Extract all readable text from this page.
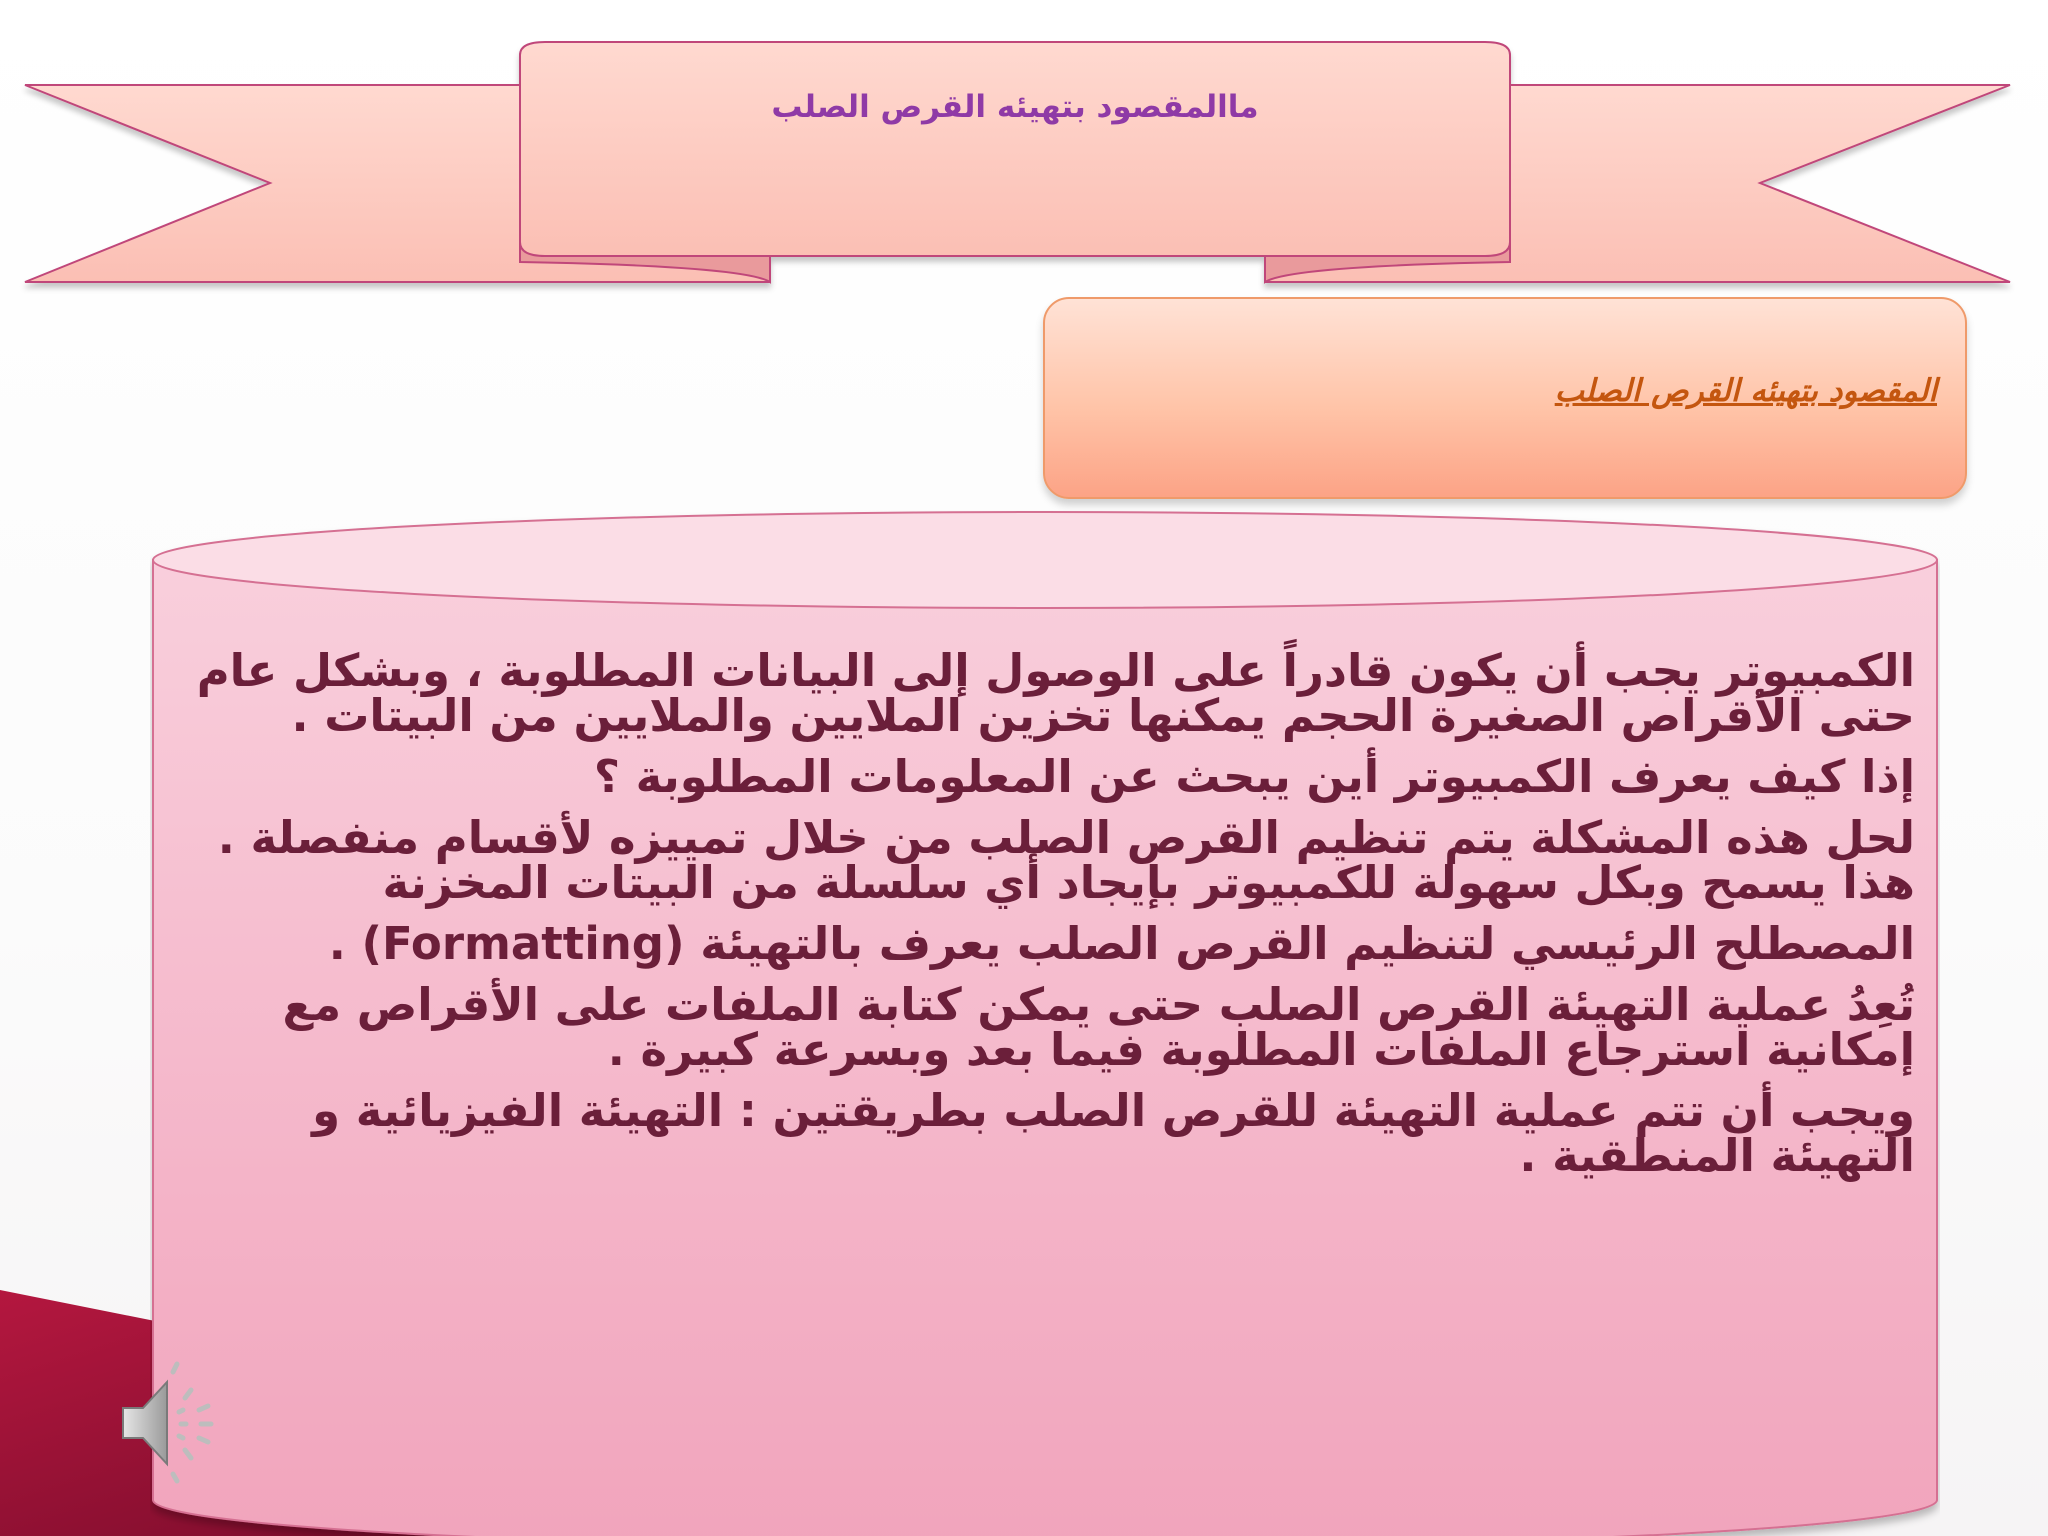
ماالمقصود بتهيئه القرص الصلب
المقصود بتهيئه القرص الصلب

الكمبيوتر يجب أن يكون قادراً على الوصول إلى البيانات المطلوبة ، وبشكل عام حتى الأقراص الصغيرة الحجم يمكنها تخزين الملايين والملايين من البيتات .

إذا كيف يعرف الكمبيوتر أين يبحث عن المعلومات المطلوبة ؟

لحل هذه المشكلة يتم تنظيم القرص الصلب من خلال تمييزه لأقسام منفصلة . هذا يسمح وبكل سهولة للكمبيوتر بإيجاد أي سلسلة من البيتات المخزنة

المصطلح الرئيسي لتنظيم القرص الصلب يعرف بالتهيئة (Formatting) .

تُعِدُ عملية التهيئة القرص الصلب حتى يمكن كتابة الملفات على الأقراص مع إمكانية استرجاع الملفات المطلوبة فيما بعد وبسرعة كبيرة .

ويجب أن تتم عملية التهيئة للقرص الصلب بطريقتين : التهيئة الفيزيائية و التهيئة المنطقية .
